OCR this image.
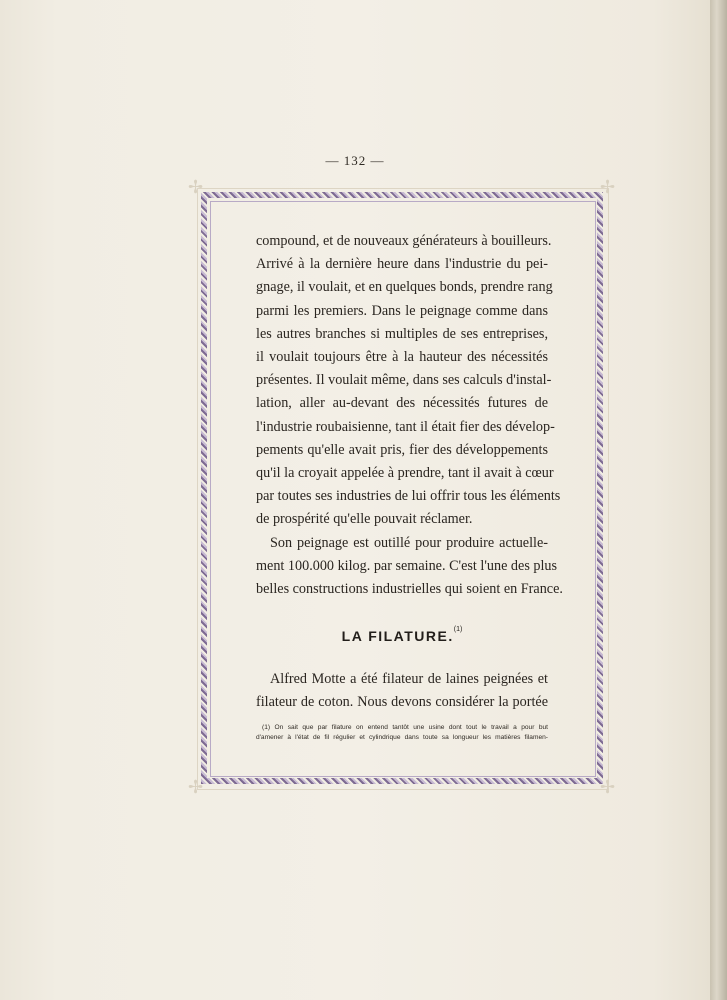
— 132 —
✢	✢
✢	✢
compound, et de nouveaux générateurs à bouilleurs.
Arrivé à la dernière heure dans l'industrie du pei-
gnage, il voulait, et en quelques bonds, prendre rang
parmi les premiers. Dans le peignage comme dans
les autres branches si multiples de ses entreprises,
il voulait toujours être à la hauteur des nécessités
présentes. Il voulait même, dans ses calculs d'instal-
lation, aller au-devant des nécessités futures de
l'industrie roubaisienne, tant il était fier des dévelop-
pements qu'elle avait pris, fier des développements
qu'il la croyait appelée à prendre, tant il avait à cœur
par toutes ses industries de lui offrir tous les éléments
de prospérité qu'elle pouvait réclamer.
Son peignage est outillé pour produire actuelle-
ment 100.000 kilog. par semaine. C'est l'une des plus
belles constructions industrielles qui soient en France.
LA FILATURE.$^{(1)}$
Alfred Motte a été filateur de laines peignées et
filateur de coton. Nous devons considérer la portée
(1) On sait que par filature on entend tantôt une usine dont tout le travail a pour but
d'amener à l'état de fil régulier et cylindrique dans toute sa longueur les matières filamen-
